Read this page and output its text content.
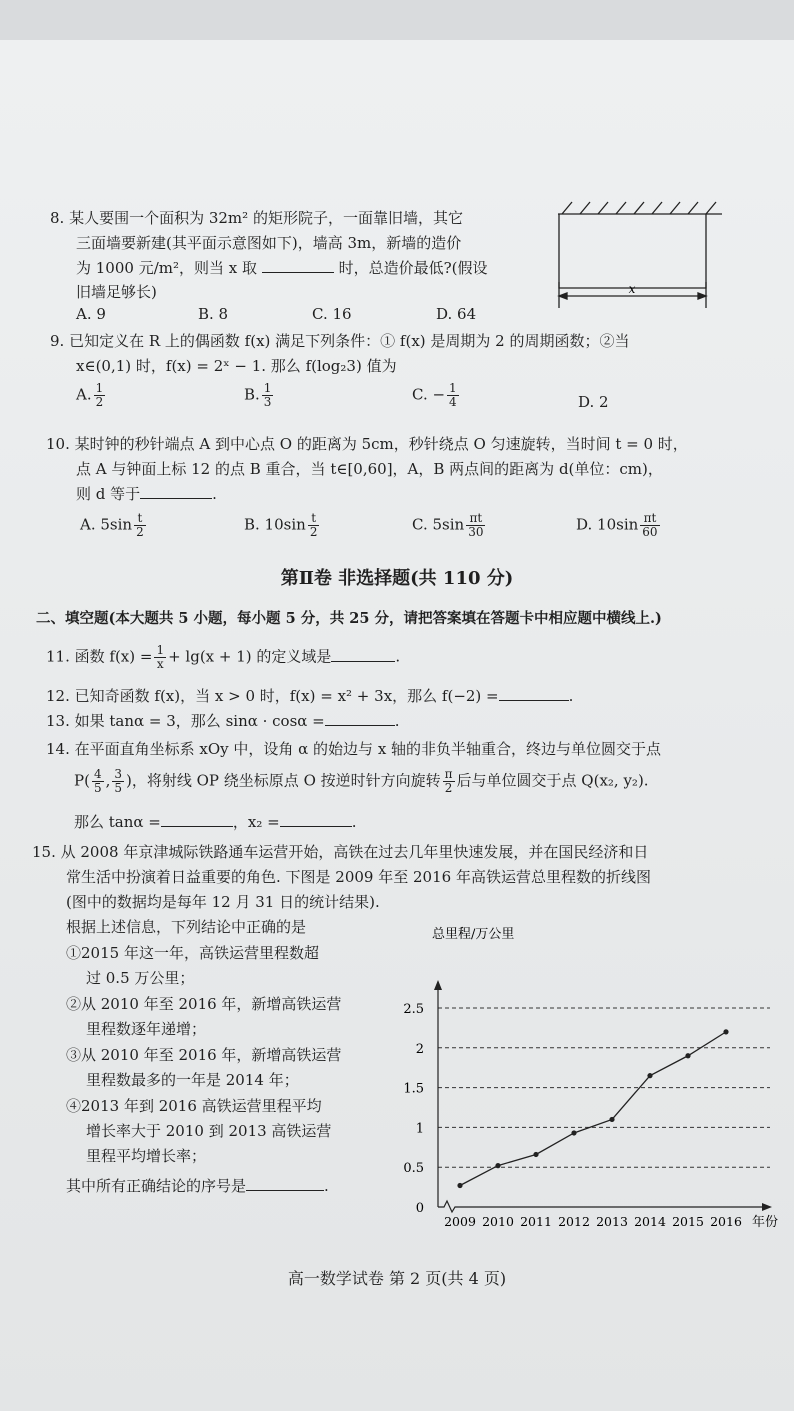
8. 某人要围一个面积为 32m² 的矩形院子，一面靠旧墙，其它
三面墙要新建(其平面示意图如下)，墙高 3m，新墙的造价
为 1000 元/m²，则当 x 取	时，总造价最低?(假设
旧墙足够长)
A. 9	B. 8	C. 16	D. 64
x
9. 已知定义在 R 上的偶函数 f(x) 满足下列条件：① f(x) 是周期为 2 的周期函数；②当
x∈(0,1) 时，f(x) = 2ˣ − 1. 那么 f(log₂3) 值为
A. $\frac{1}{2}$	B. $\frac{1}{3}$	C. − $\frac{1}{4}$	D. 2
10. 某时钟的秒针端点 A 到中心点 O 的距离为 5cm，秒针绕点 O 匀速旋转，当时间 t = 0 时，
点 A 与钟面上标 12 的点 B 重合，当 t∈[0,60]，A，B 两点间的距离为 d(单位：cm)，
则 d 等于	.
A. $5\sin \frac{t}{2}$	B. $10\sin \frac{t}{2}$	C. $5\sin \frac{\pi t}{30}$	D. $10\sin \frac{\pi t}{60}$
第Ⅱ卷 非选择题(共 110 分)
二、填空题(本大题共 5 小题，每小题 5 分，共 25 分，请把答案填在答题卡中相应题中横线上.)
11. 函数 $f(x) = \frac{1}{x} + \lg(x + 1)$ 的定义域是	.
12. 已知奇函数 f(x)，当 x > 0 时，f(x) = x² + 3x，那么 f(−2) =	.
13. 如果 tanα = 3，那么 sinα · cosα =	.
14. 在平面直角坐标系 xOy 中，设角 α 的始边与 x 轴的非负半轴重合，终边与单位圆交于点
$P( \frac{4}{5}$ , $\frac{3}{5}$ )，将射线 OP 绕坐标原点 O 按逆时针方向旋转 $\frac{\pi}{2}$ 后与单位圆交于点 Q(x₂, y₂).
那么 tanα =	，x₂ =	.
15. 从 2008 年京津城际铁路通车运营开始，高铁在过去几年里快速发展，并在国民经济和日
常生活中扮演着日益重要的角色. 下图是 2009 年至 2016 年高铁运营总里程数的折线图
(图中的数据均是每年 12 月 31 日的统计结果).
根据上述信息，下列结论中正确的是
①2015 年这一年，高铁运营里程数超
过 0.5 万公里；
②从 2010 年至 2016 年，新增高铁运营
里程数逐年递增；
③从 2010 年至 2016 年，新增高铁运营
里程数最多的一年是 2014 年；
④2013 年到 2016 高铁运营里程平均
增长率大于 2010 到 2013 高铁运营
里程平均增长率；
其中所有正确结论的序号是	.
总里程/万公里
0
0.5
1
1.5
2
2.5
2009 2010 2011 2012 2013 2014 2015 2016 年份
高一数学试卷 第 2 页(共 4 页)
